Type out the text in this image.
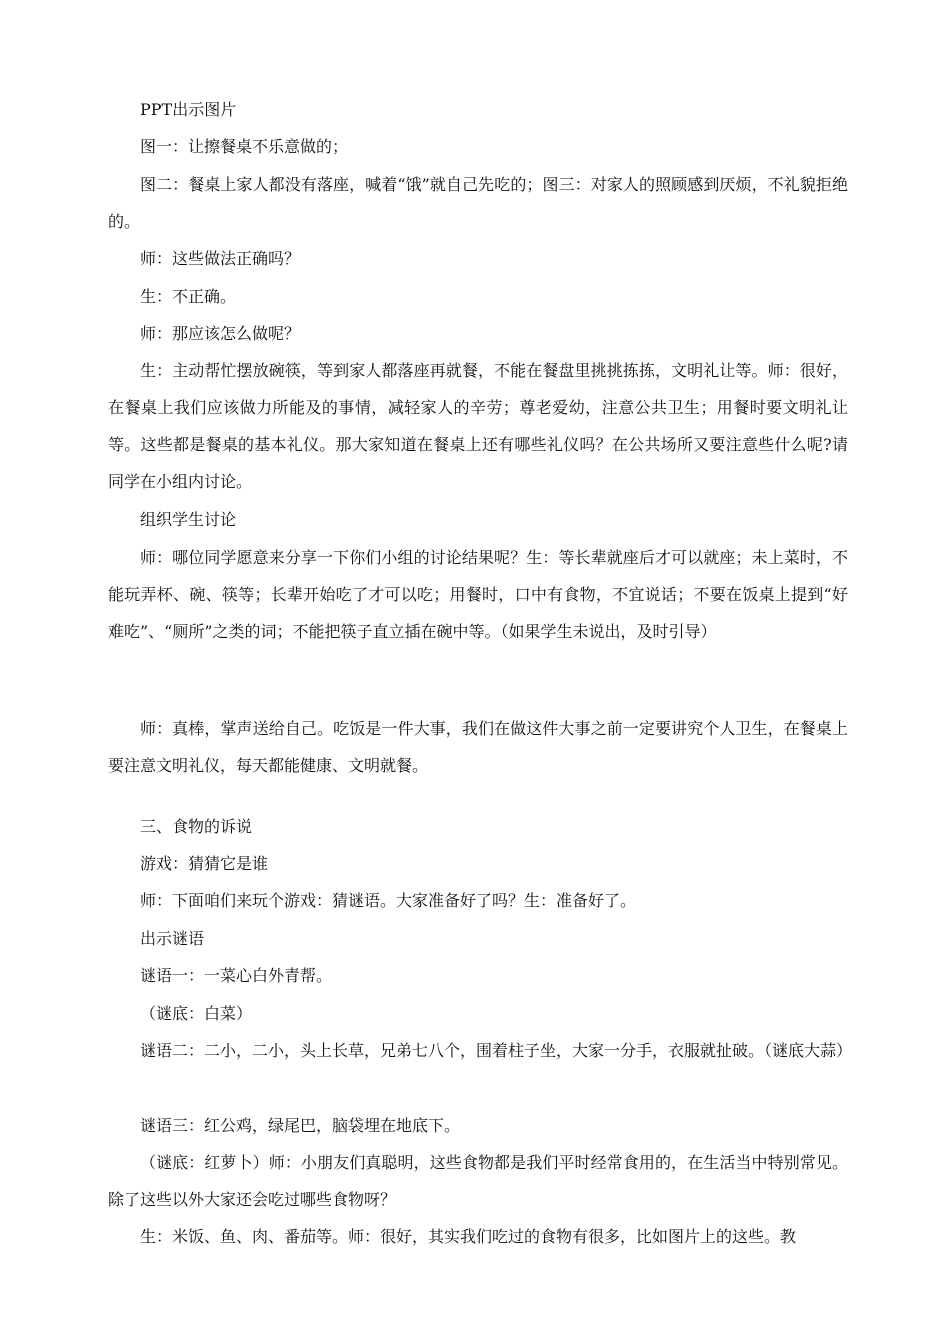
PPT出示图片

图一：让擦餐桌不乐意做的；

图二：餐桌上家人都没有落座，喊着“饿”就自己先吃的；图三：对家人的照顾感到厌烦，不礼貌拒绝的。

师：这些做法正确吗？

生：不正确。

师：那应该怎么做呢？

生：主动帮忙摆放碗筷，等到家人都落座再就餐，不能在餐盘里挑挑拣拣，文明礼让等。师：很好，在餐桌上我们应该做力所能及的事情，减轻家人的辛劳；尊老爱幼，注意公共卫生；用餐时要文明礼让等。这些都是餐桌的基本礼仪。那大家知道在餐桌上还有哪些礼仪吗？在公共场所又要注意些什么呢?请同学在小组内讨论。

组织学生讨论

师：哪位同学愿意来分享一下你们小组的讨论结果呢？生：等长辈就座后才可以就座；未上菜时，不能玩弄杯、碗、筷等；长辈开始吃了才可以吃；用餐时，口中有食物，不宜说话；不要在饭桌上提到“好难吃”、“厕所”之类的词；不能把筷子直立插在碗中等。（如果学生未说出，及时引导）

师：真棒，掌声送给自己。吃饭是一件大事，我们在做这件大事之前一定要讲究个人卫生，在餐桌上要注意文明礼仪，每天都能健康、文明就餐。

三、食物的诉说

游戏：猜猜它是谁

师：下面咱们来玩个游戏：猜谜语。大家准备好了吗？生：准备好了。

出示谜语

谜语一：一菜心白外青帮。

（谜底：白菜）

谜语二：二小，二小，头上长草，兄弟七八个，围着柱子坐，大家一分手，衣服就扯破。（谜底大蒜）

谜语三：红公鸡，绿尾巴，脑袋埋在地底下。

（谜底：红萝卜）师：小朋友们真聪明，这些食物都是我们平时经常食用的，在生活当中特别常见。除了这些以外大家还会吃过哪些食物呀？

生：米饭、鱼、肉、番茄等。师：很好，其实我们吃过的食物有很多，比如图片上的这些。教
